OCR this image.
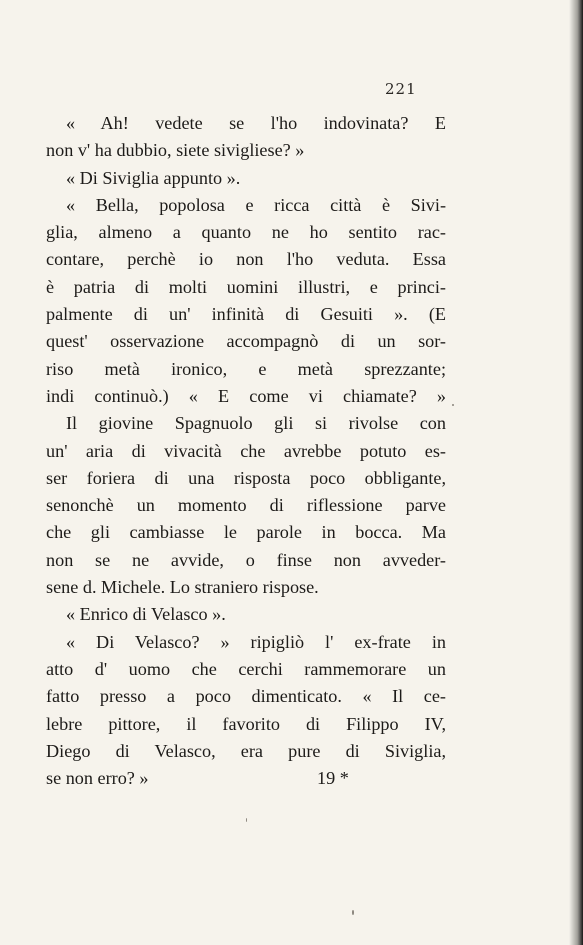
221
« Ah! vedete se l'ho indovinata? E
non v' ha dubbio, siete sivigliese? »
« Di Siviglia appunto ».
« Bella, popolosa e ricca città è Sivi-
glia, almeno a quanto ne ho sentito rac-
contare, perchè io non l'ho veduta. Essa
è patria di molti uomini illustri, e princi-
palmente di un' infinità di Gesuiti ». (E
quest' osservazione accompagnò di un sor-
riso metà ironico, e metà sprezzante;
indi continuò.) « E come vi chiamate? »
Il giovine Spagnuolo gli si rivolse con
un' aria di vivacità che avrebbe potuto es-
ser foriera di una risposta poco obbligante,
senonchè un momento di riflessione parve
che gli cambiasse le parole in bocca. Ma
non se ne avvide, o finse non avveder-
sene d. Michele. Lo straniero rispose.
« Enrico di Velasco ».
« Di Velasco? » ripigliò l' ex-frate in
atto d' uomo che cerchi rammemorare un
fatto presso a poco dimenticato. « Il ce-
lebre pittore, il favorito di Filippo IV,
Diego di Velasco, era pure di Siviglia,
se non erro? »	19 *
